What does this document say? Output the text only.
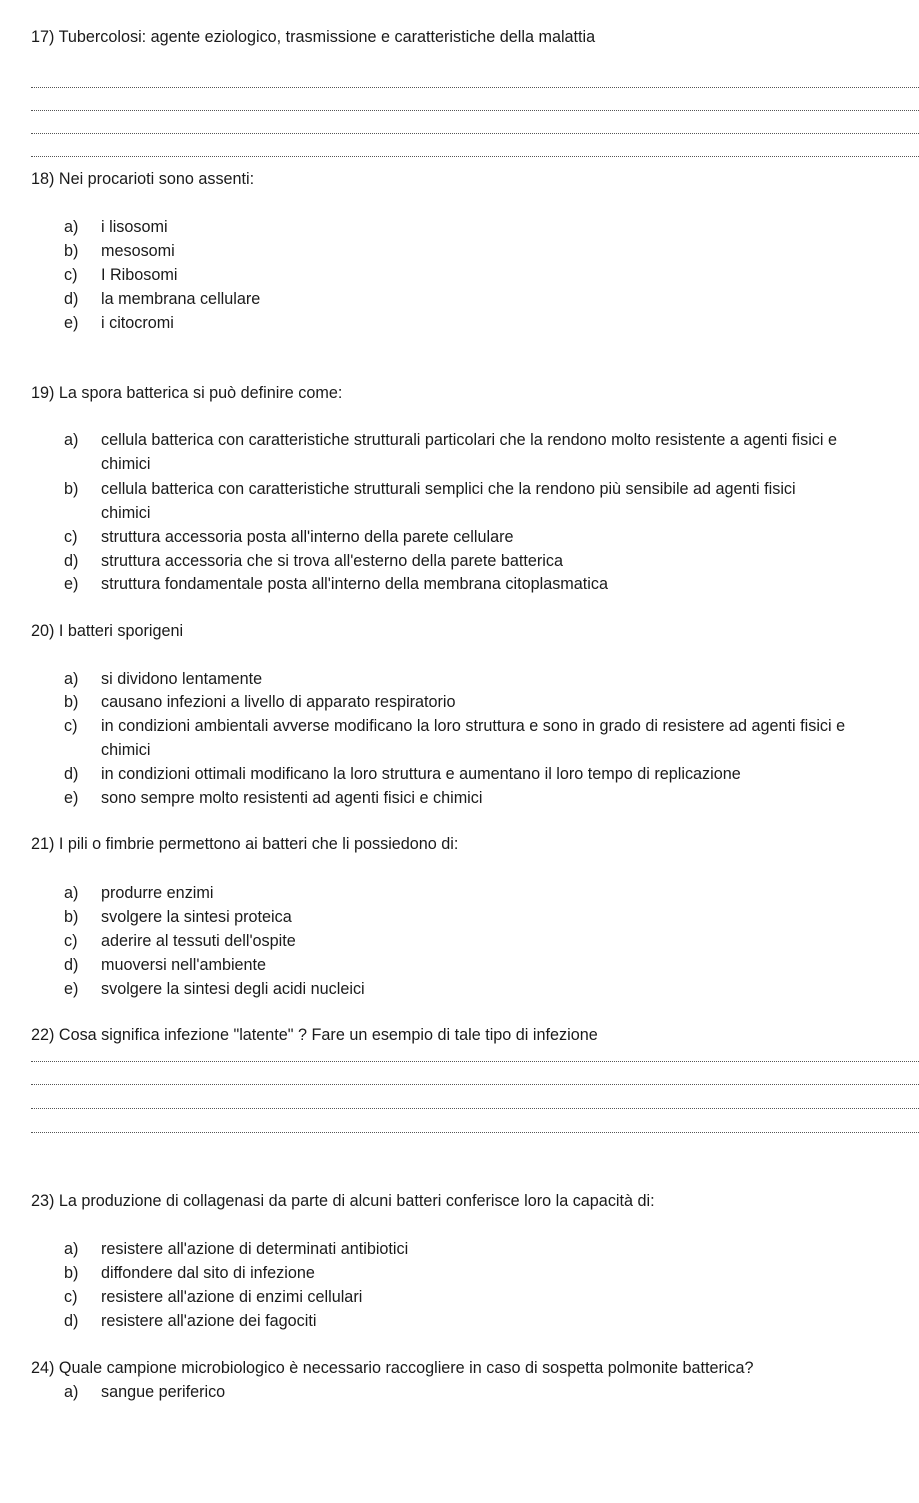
17) Tubercolosi: agente eziologico, trasmissione e caratteristiche della malattia
18) Nei procarioti sono assenti:
a) i lisosomi
b) mesosomi
c) I Ribosomi
d) la membrana cellulare
e) i citocromi
19) La spora batterica si può definire come:
a) cellula batterica con caratteristiche strutturali particolari che la rendono molto resistente a agenti fisici e
chimici
b) cellula batterica con caratteristiche strutturali semplici che la rendono più sensibile ad agenti fisici
chimici
c) struttura accessoria posta all'interno della parete cellulare
d) struttura accessoria che si trova all'esterno della parete batterica
e) struttura fondamentale posta all'interno della membrana citoplasmatica
20) I batteri sporigeni
a) si dividono lentamente
b) causano infezioni a livello di apparato respiratorio
c) in condizioni ambientali avverse modificano la loro struttura e sono in grado di resistere ad agenti fisici e
chimici
d) in condizioni ottimali modificano la loro struttura e aumentano il loro tempo di replicazione
e) sono sempre molto resistenti ad agenti fisici e chimici
21) I pili o fimbrie permettono ai batteri che li possiedono di:
a) produrre enzimi
b) svolgere la sintesi proteica
c) aderire al tessuti dell'ospite
d) muoversi nell'ambiente
e) svolgere la sintesi degli acidi nucleici
22) Cosa significa infezione "latente" ? Fare un esempio di tale tipo di infezione
23) La produzione di collagenasi da parte di alcuni batteri conferisce loro la capacità di:
a) resistere all'azione di determinati antibiotici
b) diffondere dal sito di infezione
c) resistere all'azione di enzimi cellulari
d) resistere all'azione dei fagociti
24) Quale campione microbiologico è necessario raccogliere in caso di sospetta polmonite batterica?
a) sangue periferico
